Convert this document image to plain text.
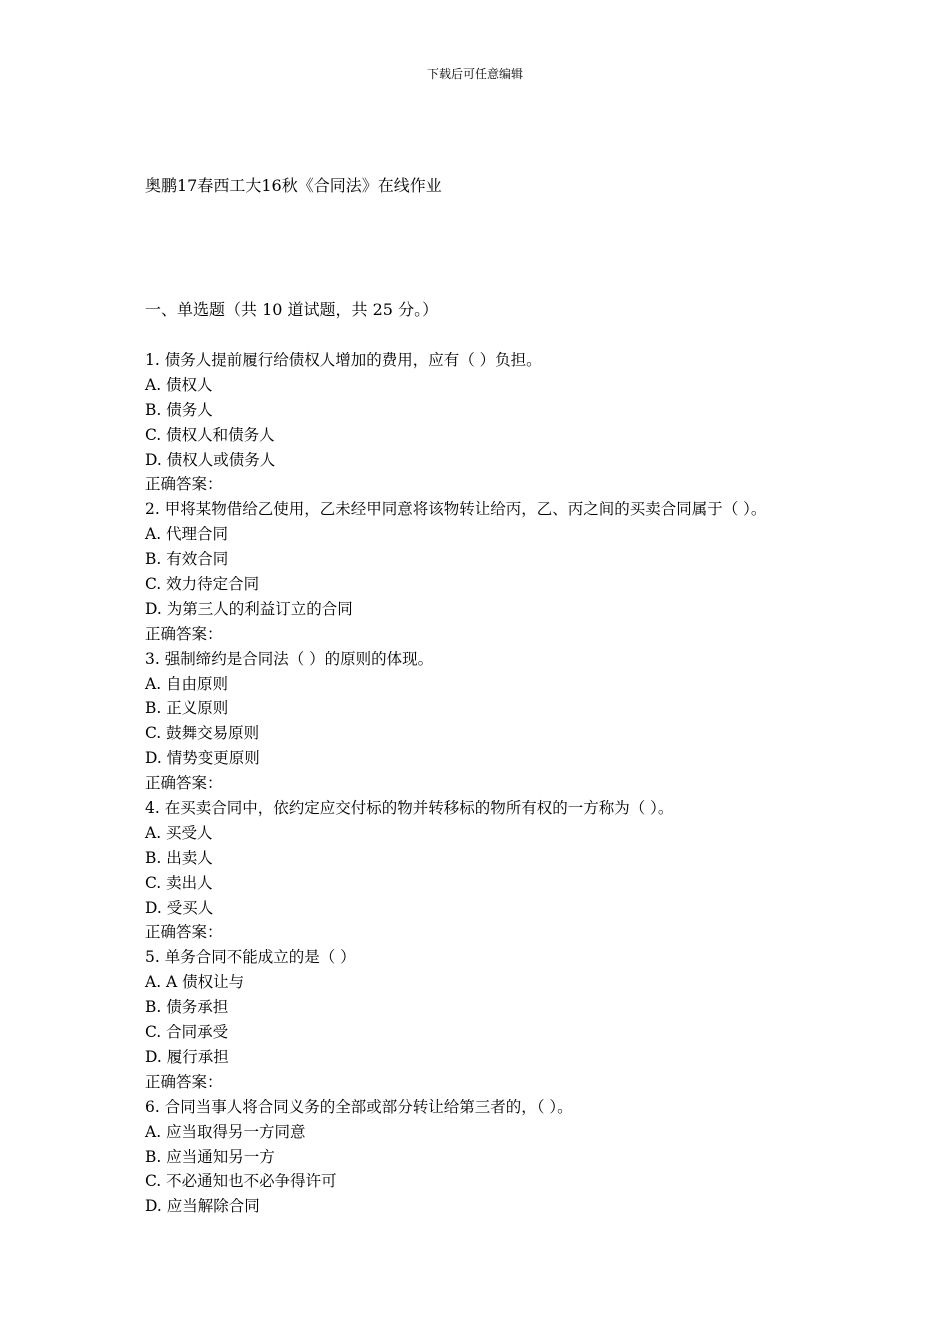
下载后可任意编辑
奥鹏17春西工大16秋《合同法》在线作业
一、单选题（共 10 道试题，共 25 分。）
1. 债务人提前履行给债权人增加的费用，应有（ ）负担。
A. 债权人
B. 债务人
C. 债权人和债务人
D. 债权人或债务人
正确答案：
2. 甲将某物借给乙使用，乙未经甲同意将该物转让给丙，乙、丙之间的买卖合同属于（ ）。
A. 代理合同
B. 有效合同
C. 效力待定合同
D. 为第三人的利益订立的合同
正确答案：
3. 强制缔约是合同法（ ）的原则的体现。
A. 自由原则
B. 正义原则
C. 鼓舞交易原则
D. 情势变更原则
正确答案：
4. 在买卖合同中，依约定应交付标的物并转移标的物所有权的一方称为（ ）。
A. 买受人
B. 出卖人
C. 卖出人
D. 受买人
正确答案：
5. 单务合同不能成立的是（ ）
A. A 债权让与
B. 债务承担
C. 合同承受
D. 履行承担
正确答案：
6. 合同当事人将合同义务的全部或部分转让给第三者的，（ ）。
A. 应当取得另一方同意
B. 应当通知另一方
C. 不必通知也不必争得许可
D. 应当解除合同
